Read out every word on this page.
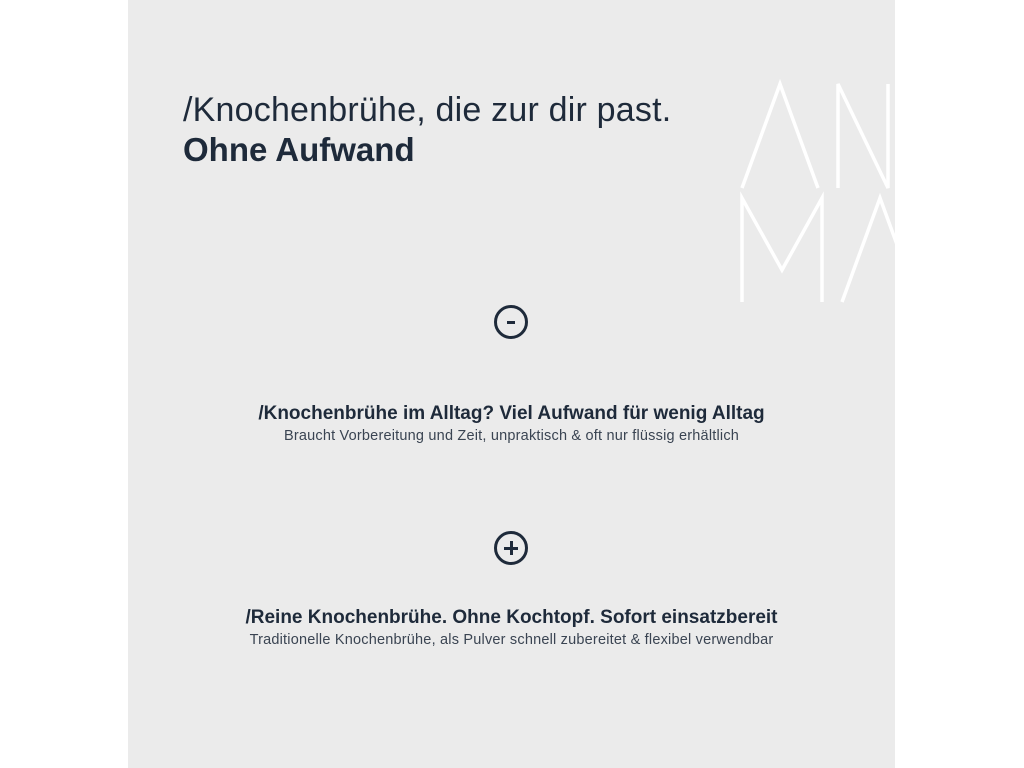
/Knochenbrühe, die zur dir past.
Ohne Aufwand
/Knochenbrühe im Alltag? Viel Aufwand für wenig Alltag
Braucht Vorbereitung und Zeit, unpraktisch & oft nur flüssig erhältlich
/Reine Knochenbrühe. Ohne Kochtopf. Sofort einsatzbereit
Traditionelle Knochenbrühe, als Pulver schnell zubereitet & flexibel verwendbar
